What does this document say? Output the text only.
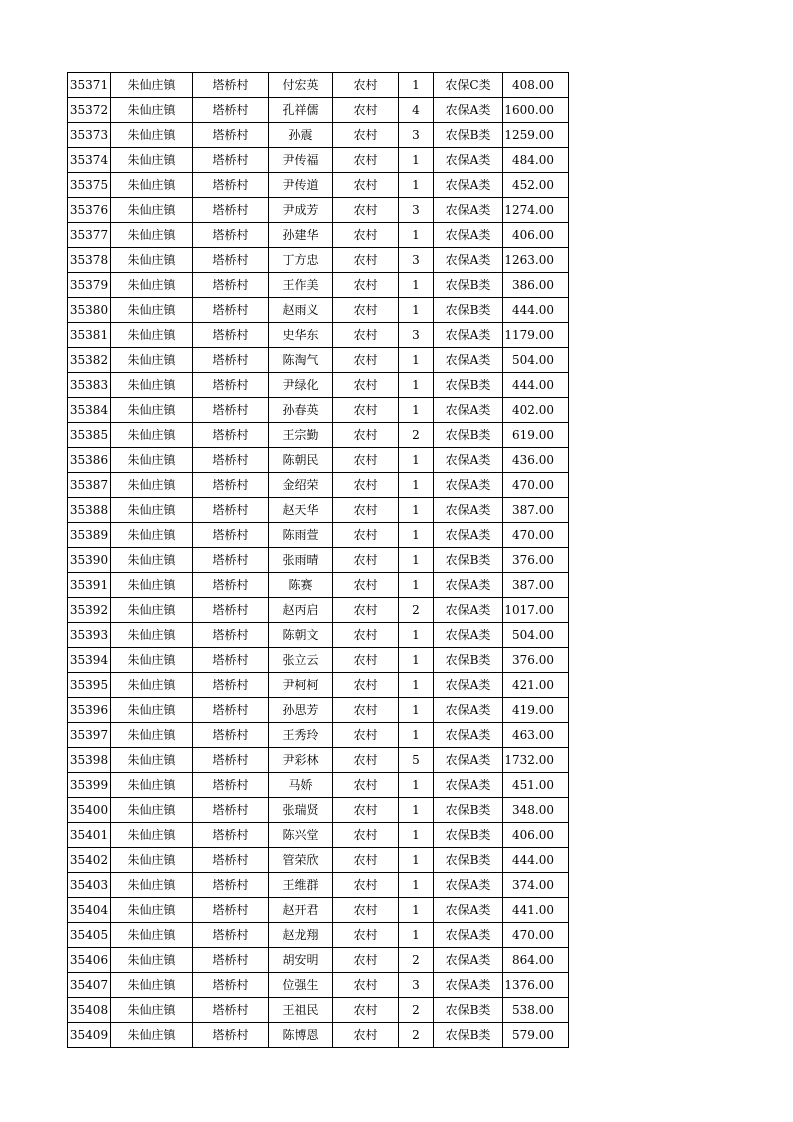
35371	朱仙庄镇	塔桥村	付宏英	农村	1	农保C类	408.00
35372	朱仙庄镇	塔桥村	孔祥儒	农村	4	农保A类	1600.00
35373	朱仙庄镇	塔桥村	孙震	农村	3	农保B类	1259.00
35374	朱仙庄镇	塔桥村	尹传福	农村	1	农保A类	484.00
35375	朱仙庄镇	塔桥村	尹传道	农村	1	农保A类	452.00
35376	朱仙庄镇	塔桥村	尹成芳	农村	3	农保A类	1274.00
35377	朱仙庄镇	塔桥村	孙建华	农村	1	农保A类	406.00
35378	朱仙庄镇	塔桥村	丁方忠	农村	3	农保A类	1263.00
35379	朱仙庄镇	塔桥村	王作美	农村	1	农保B类	386.00
35380	朱仙庄镇	塔桥村	赵雨义	农村	1	农保B类	444.00
35381	朱仙庄镇	塔桥村	史华东	农村	3	农保A类	1179.00
35382	朱仙庄镇	塔桥村	陈淘气	农村	1	农保A类	504.00
35383	朱仙庄镇	塔桥村	尹绿化	农村	1	农保B类	444.00
35384	朱仙庄镇	塔桥村	孙春英	农村	1	农保A类	402.00
35385	朱仙庄镇	塔桥村	王宗勤	农村	2	农保B类	619.00
35386	朱仙庄镇	塔桥村	陈朝民	农村	1	农保A类	436.00
35387	朱仙庄镇	塔桥村	金绍荣	农村	1	农保A类	470.00
35388	朱仙庄镇	塔桥村	赵天华	农村	1	农保A类	387.00
35389	朱仙庄镇	塔桥村	陈雨萱	农村	1	农保A类	470.00
35390	朱仙庄镇	塔桥村	张雨晴	农村	1	农保B类	376.00
35391	朱仙庄镇	塔桥村	陈赛	农村	1	农保A类	387.00
35392	朱仙庄镇	塔桥村	赵丙启	农村	2	农保A类	1017.00
35393	朱仙庄镇	塔桥村	陈朝文	农村	1	农保A类	504.00
35394	朱仙庄镇	塔桥村	张立云	农村	1	农保B类	376.00
35395	朱仙庄镇	塔桥村	尹柯柯	农村	1	农保A类	421.00
35396	朱仙庄镇	塔桥村	孙思芳	农村	1	农保A类	419.00
35397	朱仙庄镇	塔桥村	王秀玲	农村	1	农保A类	463.00
35398	朱仙庄镇	塔桥村	尹彩林	农村	5	农保A类	1732.00
35399	朱仙庄镇	塔桥村	马娇	农村	1	农保A类	451.00
35400	朱仙庄镇	塔桥村	张瑞贤	农村	1	农保B类	348.00
35401	朱仙庄镇	塔桥村	陈兴堂	农村	1	农保B类	406.00
35402	朱仙庄镇	塔桥村	管荣欣	农村	1	农保B类	444.00
35403	朱仙庄镇	塔桥村	王维群	农村	1	农保A类	374.00
35404	朱仙庄镇	塔桥村	赵开君	农村	1	农保A类	441.00
35405	朱仙庄镇	塔桥村	赵龙翔	农村	1	农保A类	470.00
35406	朱仙庄镇	塔桥村	胡安明	农村	2	农保A类	864.00
35407	朱仙庄镇	塔桥村	位强生	农村	3	农保A类	1376.00
35408	朱仙庄镇	塔桥村	王祖民	农村	2	农保B类	538.00
35409	朱仙庄镇	塔桥村	陈博恩	农村	2	农保B类	579.00
